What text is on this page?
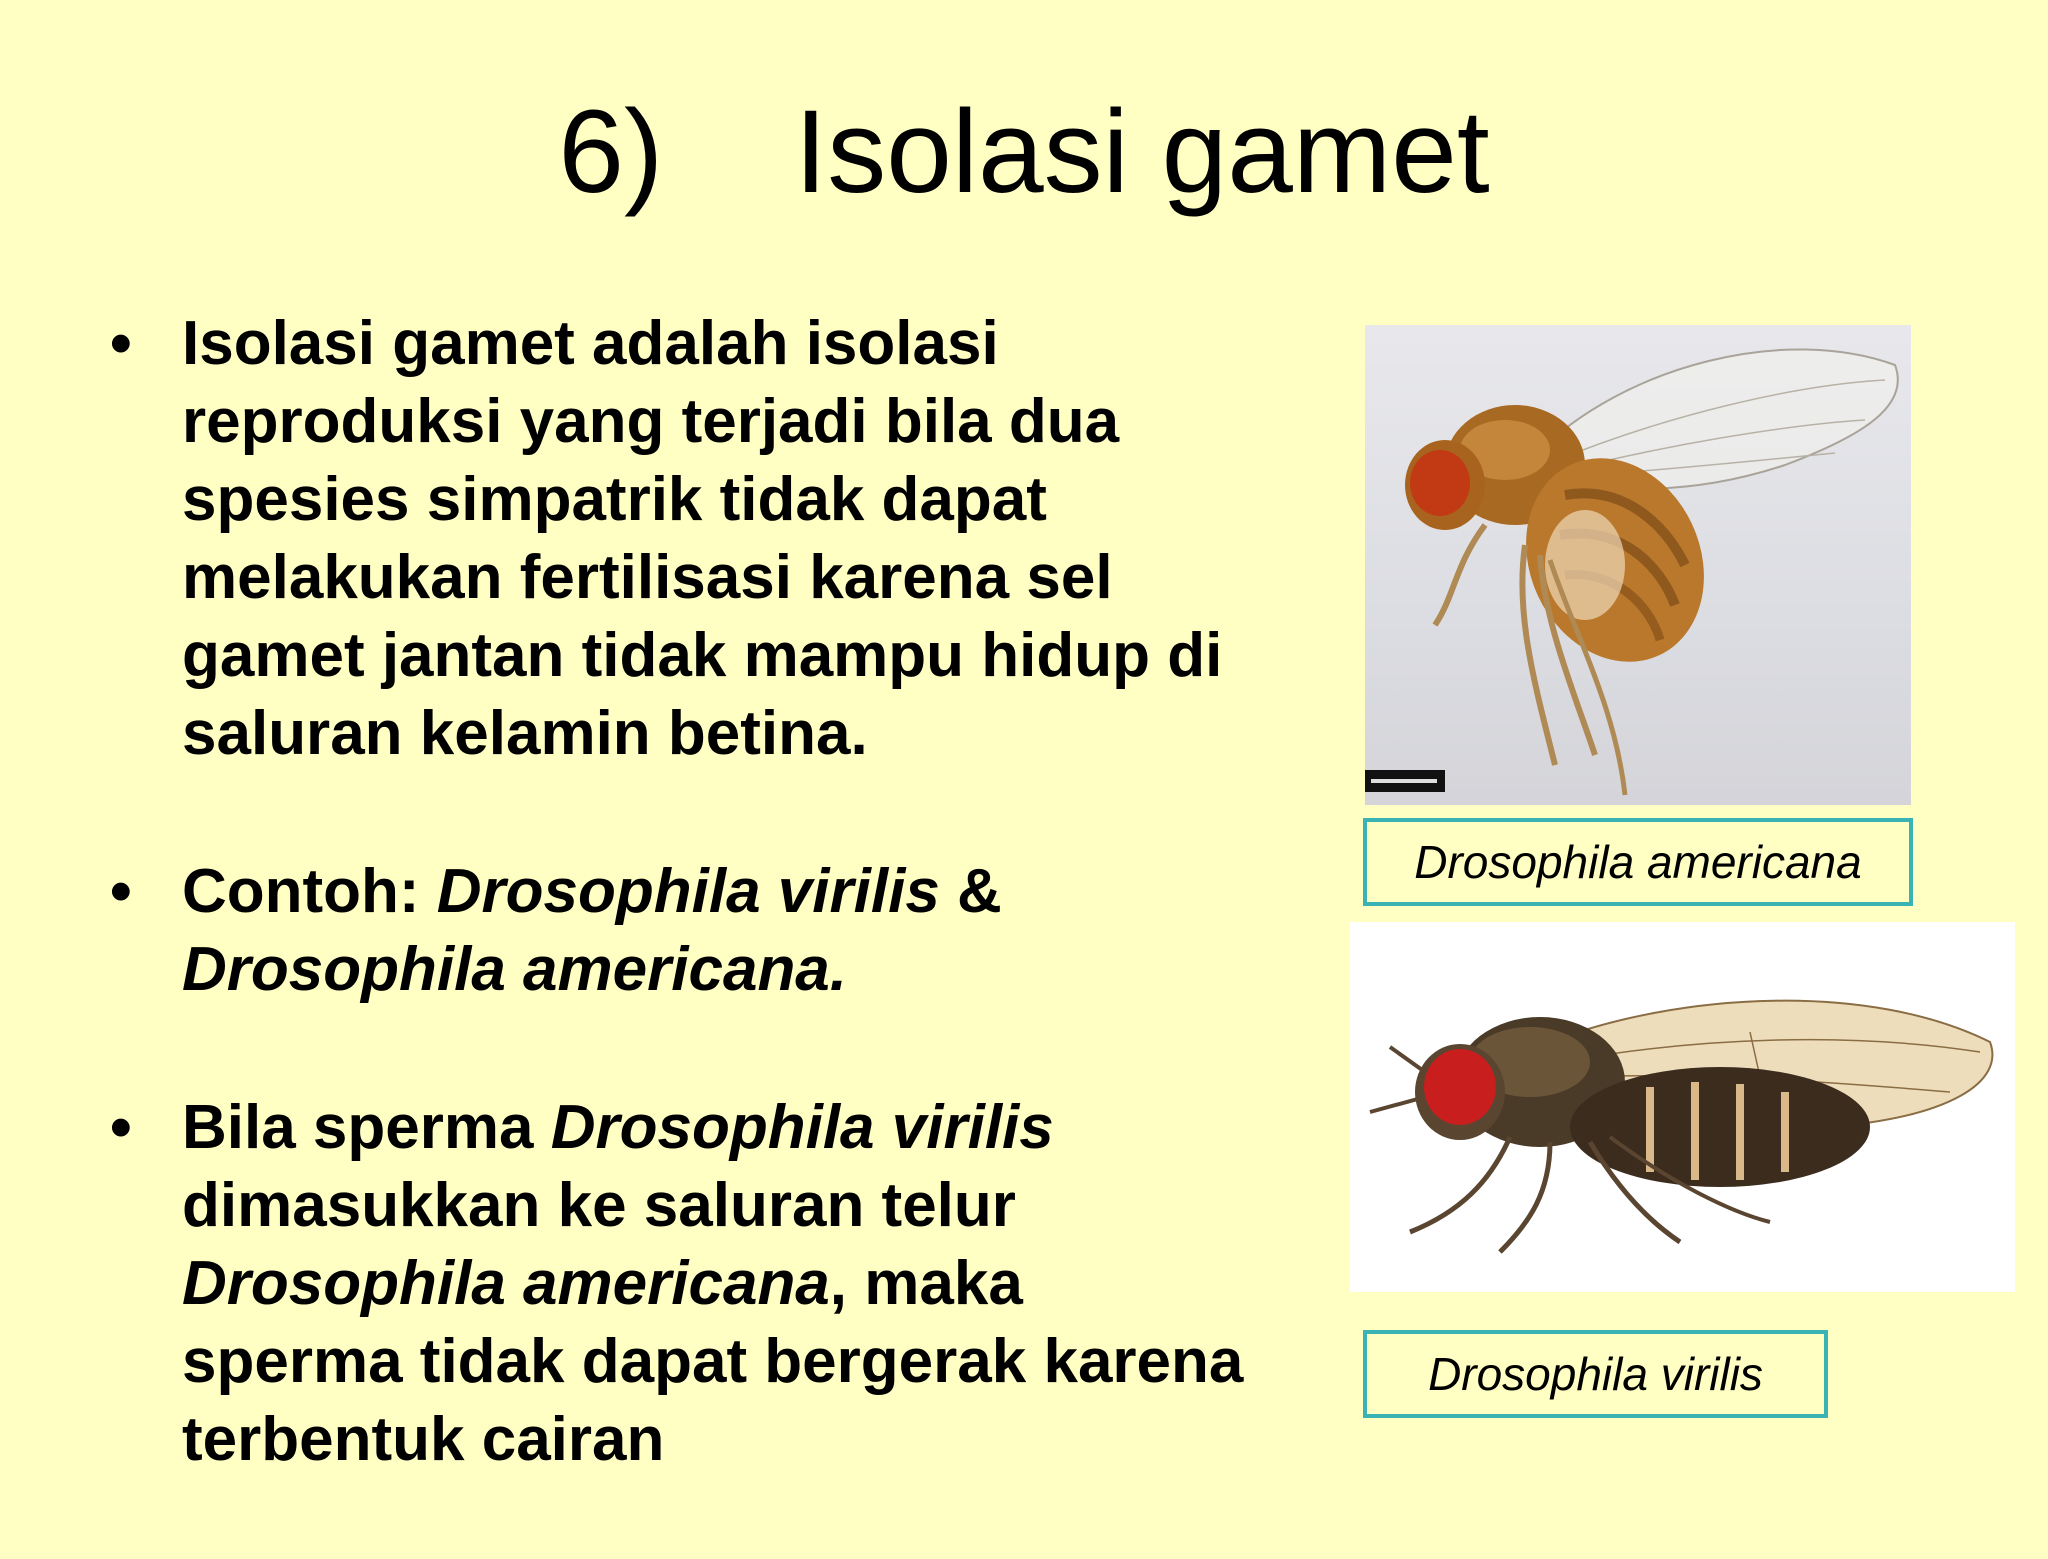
6)    Isolasi gamet
• Isolasi gamet adalah isolasi reproduksi yang terjadi bila dua spesies simpatrik tidak dapat melakukan fertilisasi karena sel gamet jantan tidak mampu hidup di saluran kelamin betina.
• Contoh: Drosophila virilis & Drosophila americana.
• Bila sperma Drosophila virilis dimasukkan ke saluran telur Drosophila americana, maka sperma tidak dapat bergerak karena terbentuk cairan
Drosophila americana
Drosophila virilis
